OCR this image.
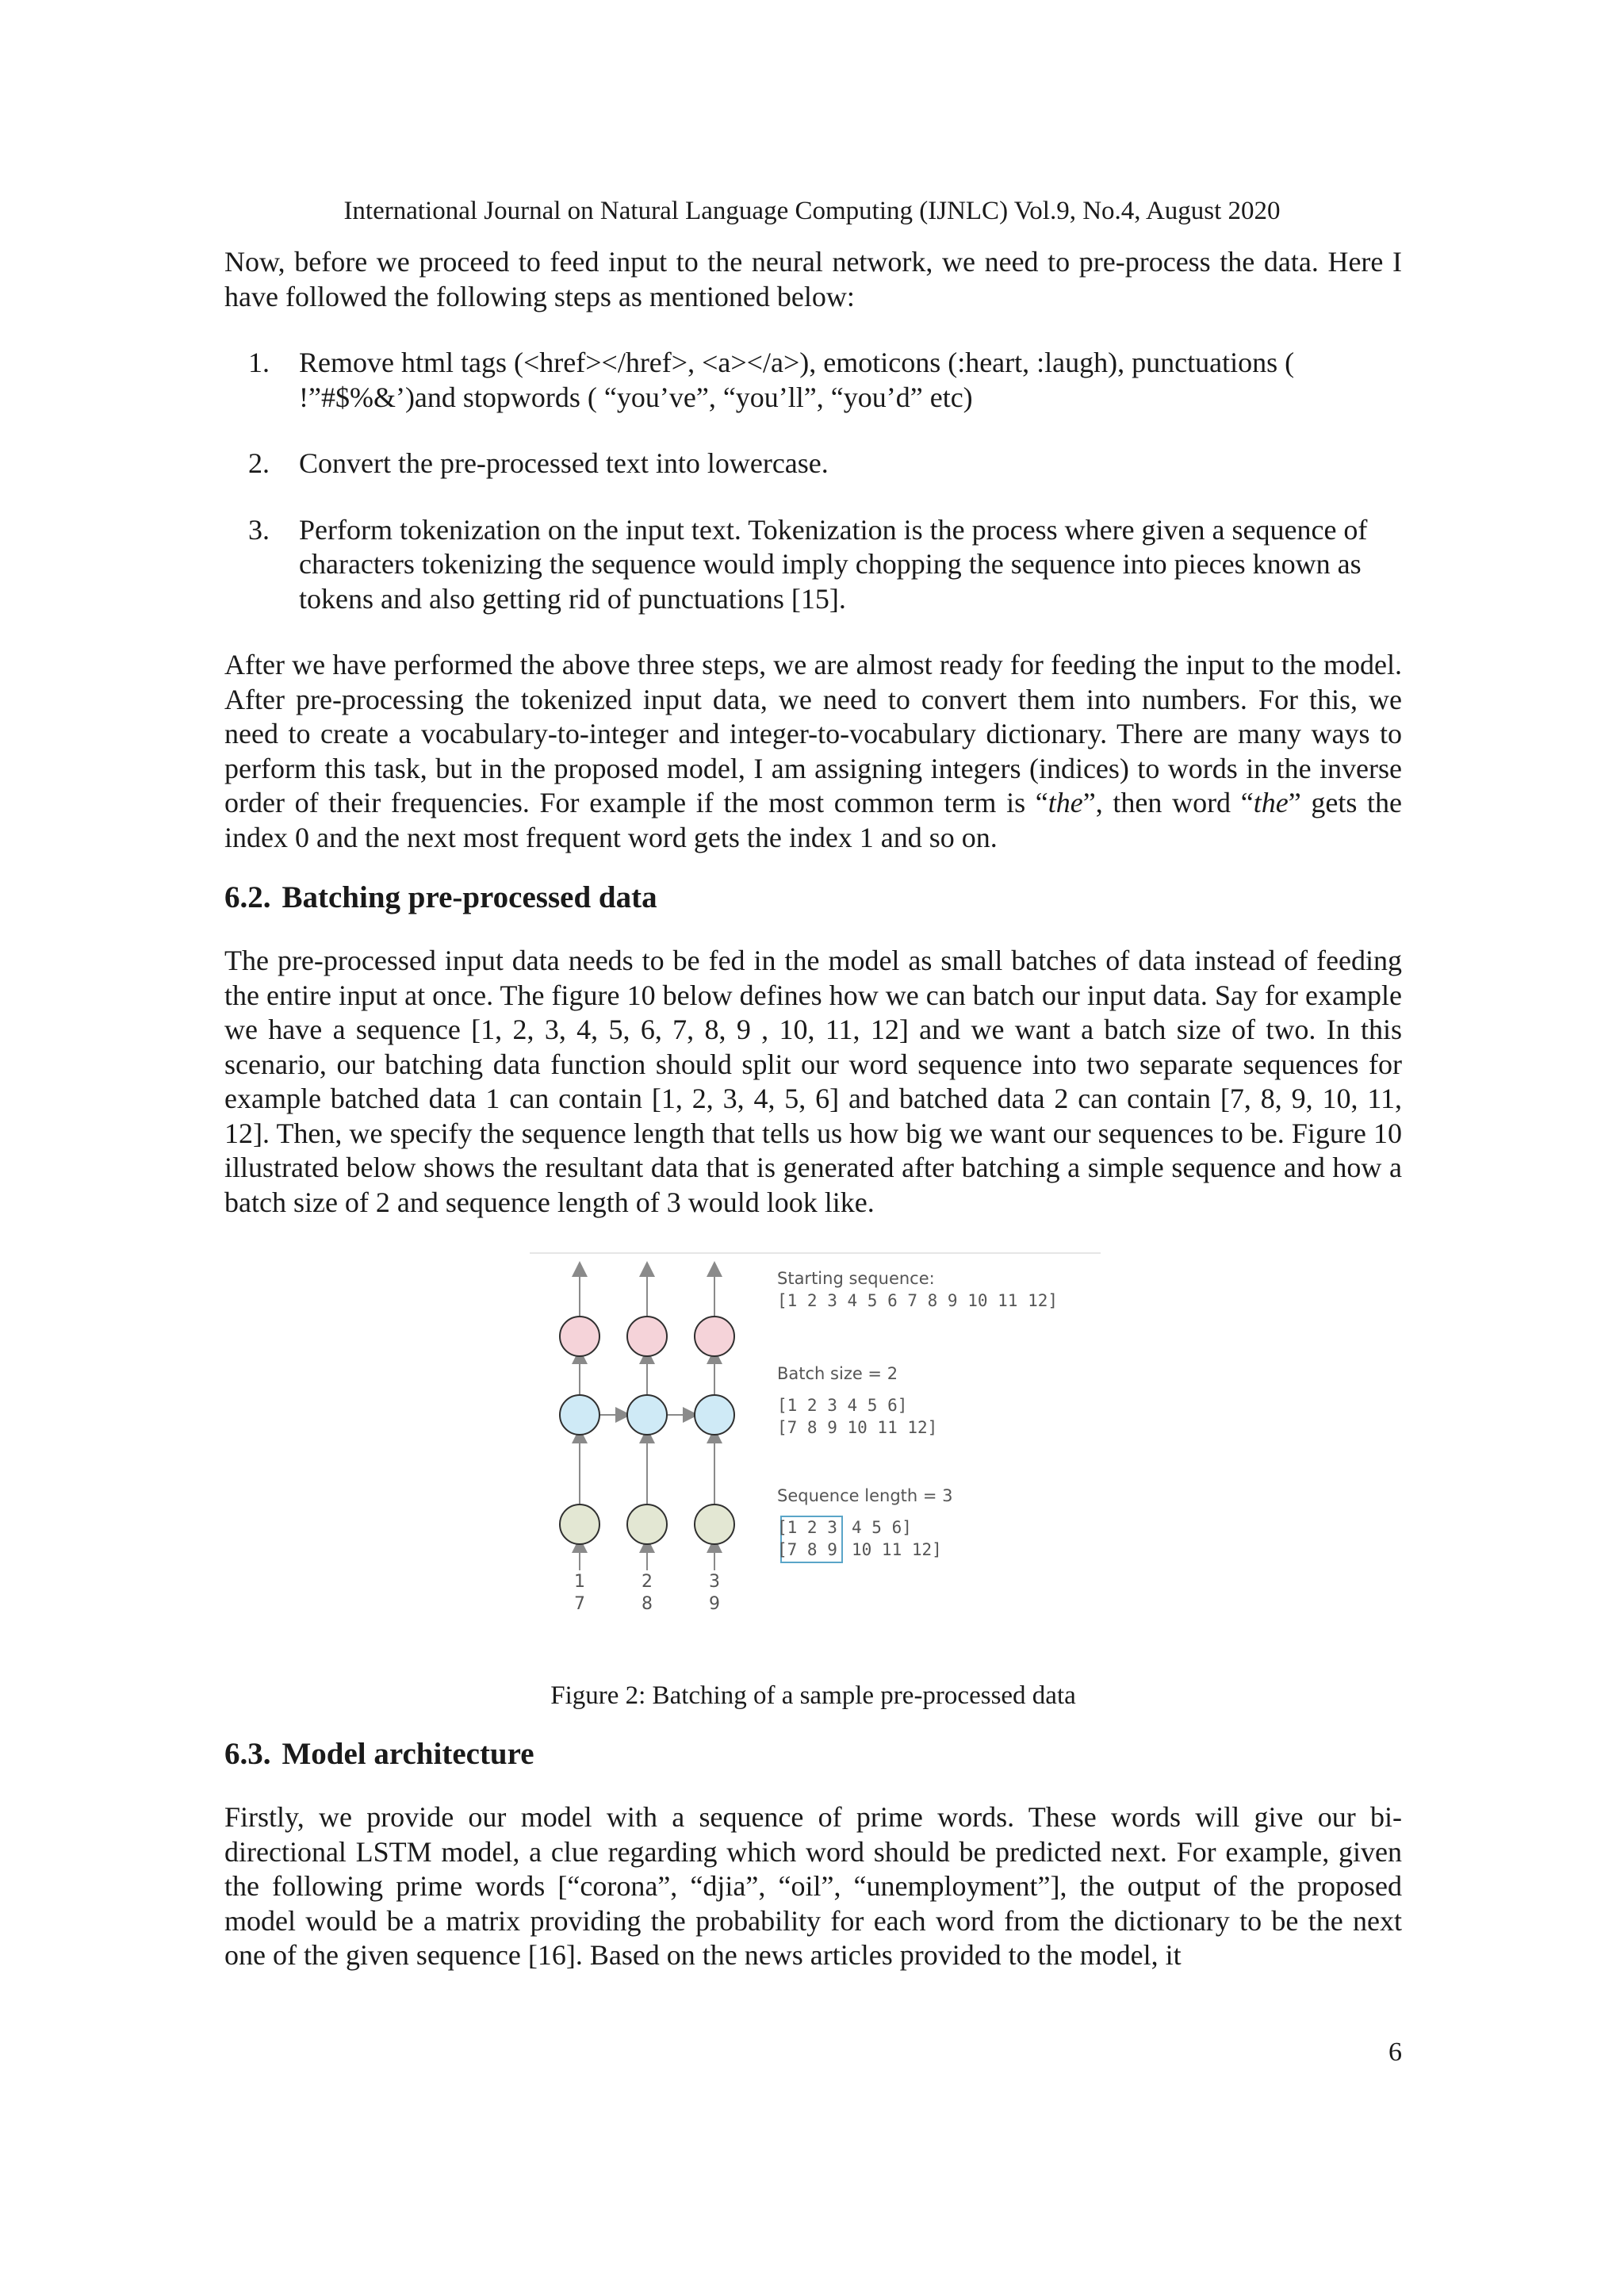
International Journal on Natural Language Computing (IJNLC) Vol.9, No.4, August 2020

Now, before we proceed to feed input to the neural network, we need to pre-process the data. Here I have followed the following steps as mentioned below:

1. Remove html tags (<href></href>, <a></a>), emoticons (:heart, :laugh), punctuations ( !”#$%&’)and stopwords ( “you’ve”, “you’ll”, “you’d” etc)
2. Convert the pre-processed text into lowercase.
3. Perform tokenization on the input text. Tokenization is the process where given a sequence of characters tokenizing the sequence would imply chopping the sequence into pieces known as tokens and also getting rid of punctuations [15].

After we have performed the above three steps, we are almost ready for feeding the input to the model. After pre-processing the tokenized input data, we need to convert them into numbers. For this, we need to create a vocabulary-to-integer and integer-to-vocabulary dictionary. There are many ways to perform this task, but in the proposed model, I am assigning integers (indices) to words in the inverse order of their frequencies. For example if the most common term is “the”, then word “the” gets the index 0 and the next most frequent word gets the index 1 and so on.

6.2. Batching pre-processed data

The pre-processed input data needs to be fed in the model as small batches of data instead of feeding the entire input at once. The figure 10 below defines how we can batch our input data. Say for example we have a sequence [1, 2, 3, 4, 5, 6, 7, 8, 9 , 10, 11, 12] and we want a batch size of two. In this scenario, our batching data function should split our word sequence into two separate sequences for example batched data 1 can contain [1, 2, 3, 4, 5, 6] and batched data 2 can contain [7, 8, 9, 10, 11, 12]. Then, we specify the sequence length that tells us how big we want our sequences to be. Figure 10 illustrated below shows the resultant data that is generated after batching a simple sequence and how a batch size of 2 and sequence length of 3 would look like.

1
7
2
8
3
9
Starting sequence:
[1 2 3 4 5 6 7 8 9 10 11 12]
Batch size = 2
[1 2 3 4 5 6]
[7 8 9 10 11 12]
Sequence length = 3
[1 2 3 4 5 6]
[7 8 9 10 11 12]

Figure 2: Batching of a sample pre-processed data

6.3. Model architecture

Firstly, we provide our model with a sequence of prime words. These words will give our bi-directional LSTM model, a clue regarding which word should be predicted next. For example, given the following prime words [“corona”, “djia”, “oil”, “unemployment”], the output of the proposed model would be a matrix providing the probability for each word from the dictionary to be the next one of the given sequence [16]. Based on the news articles provided to the model, it

6
